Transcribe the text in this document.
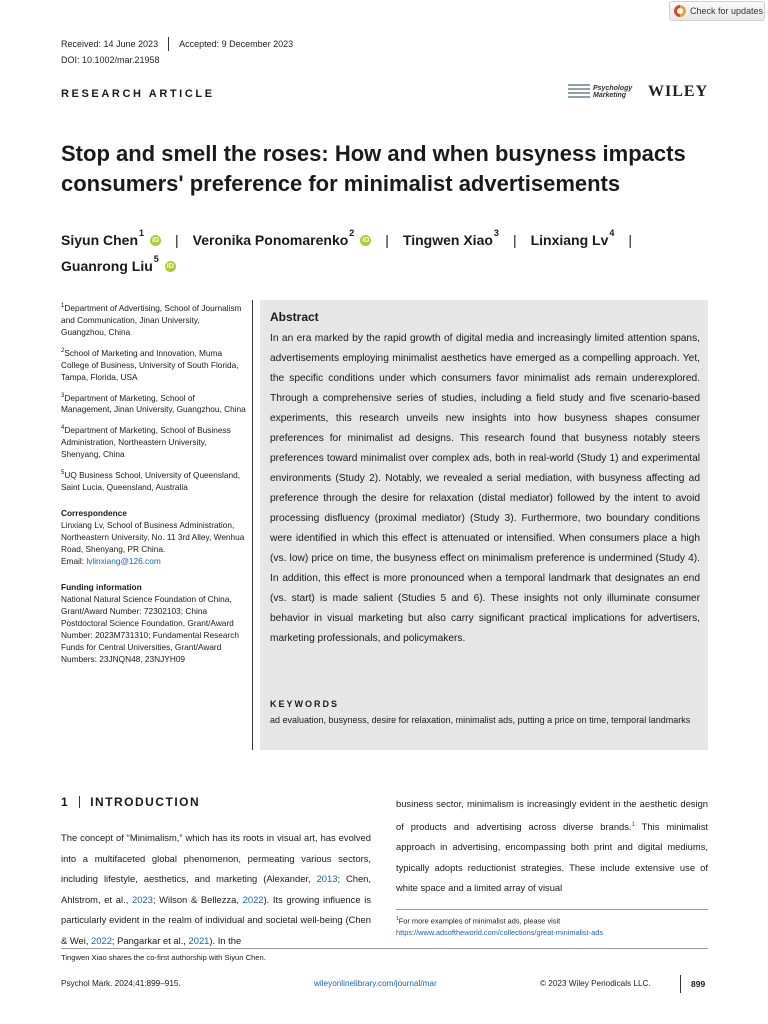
Check for updates
Received: 14 June 2023 Accepted: 9 December 2023
DOI: 10.1002/mar.21958
RESEARCH ARTICLE	Psychology
Marketing	WILEY
Stop and smell the roses: How and when busyness impacts consumers' preference for minimalist advertisements
Siyun Chen$^1$
iD | Veronika Ponomarenko$^2$
iD | Tingwen Xiao$^3$ | Linxiang Lv$^4$ |

Guanrong Liu$^5$
iD

$^1$Department of Advertising, School of Journalism and Communication, Jinan University, Guangzhou, China

$^2$School of Marketing and Innovation, Muma College of Business, University of South Florida, Tampa, Florida, USA

$^3$Department of Marketing, School of Management, Jinan University, Guangzhou, China

$^4$Department of Marketing, School of Business Administration, Northeastern University, Shenyang, China

$^5$UQ Business School, University of Queensland, Saint Lucia, Queensland, Australia

Correspondence

Linxiang Lv, School of Business Administration, Northeastern University, No. 11 3rd Alley, Wenhua Road, Shenyang, PR China.
Email: lvlinxiang@126.com

Funding information

National Natural Science Foundation of China, Grant/Award Number: 72302103; China Postdoctoral Science Foundation, Grant/Award Number: 2023M731310; Fundamental Research Funds for Central Universities, Grant/Award Numbers: 23JNQN48, 23NJYH09

Abstract
In an era marked by the rapid growth of digital media and increasingly limited attention spans, advertisements employing minimalist aesthetics have emerged as a compelling approach. Yet, the specific conditions under which consumers favor minimalist ads remain underexplored. Through a comprehensive series of studies, including a field study and five scenario-based experiments, this research unveils new insights into how busyness shapes consumer preferences for minimalist ad designs. This research found that busyness notably steers preferences toward minimalist over complex ads, both in real-world (Study 1) and experimental environments (Study 2). Notably, we revealed a serial mediation, with busyness affecting ad preference through the desire for relaxation (distal mediator) followed by the intent to avoid processing disfluency (proximal mediator) (Study 3). Furthermore, two boundary conditions were identified in which this effect is attenuated or intensified. When consumers place a high (vs. low) price on time, the busyness effect on minimalism preference is undermined (Study 4). In addition, this effect is more pronounced when a temporal landmark that designates an end (vs. start) is made salient (Studies 5 and 6). These insights not only illuminate consumer behavior in visual marketing but also carry significant practical implications for advertisers, marketing professionals, and policymakers.
KEYWORDS
ad evaluation, busyness, desire for relaxation, minimalist ads, putting a price on time, temporal landmarks
1 INTRODUCTION
The concept of “Minimalism,” which has its roots in visual art, has evolved into a multifaceted global phenomenon, permeating various sectors, including lifestyle, aesthetics, and marketing (Alexander, 2013; Chen, Ahlstrom, et al., 2023; Wilson & Bellezza, 2022). Its growing influence is particularly evident in the realm of individual and societal well-being (Chen & Wei, 2022; Pangarkar et al., 2021). In the
business sector, minimalism is increasingly evident in the aesthetic design of products and advertising across diverse brands.$^1$ This minimalist approach in advertising, encompassing both print and digital mediums, typically adopts reductionist strategies. These include extensive use of white space and a limited array of visual
$^1$For more examples of minimalist ads, please visit https://www.adsoftheworld.com/collections/great-minimalist-ads
Tingwen Xiao shares the co-first authorship with Siyun Chen.
Psychol Mark. 2024;41:899–915.	wileyonlinelibrary.com/journal/mar	© 2023 Wiley Periodicals LLC.	899
